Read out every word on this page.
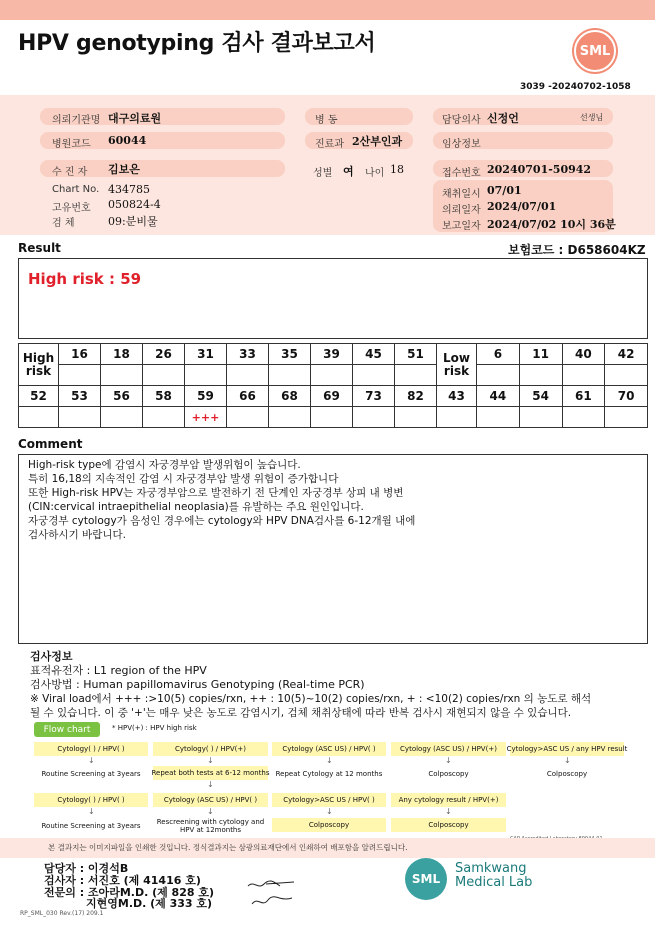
HPV genotyping 검사 결과보고서	SML
3039 -20240702-1058
의뢰기관명 대구의료원
병원코드 60044
수 진 자 김보은
병 동
진료과 2산부인과
성별 여 나이 18
담당의사 신정언	선생님
임상정보
접수번호 20240701-50942
Chart No. 434785
고유번호 050824-4
검 체	09:분비물
채취일시 07/01
의뢰일자 2024/07/01
보고일자 2024/07/02 10시 36분
Result	보험코드 : D658604KZ
High risk : 59
High risk	16	18	26	31	33	35	39	45	51	Low risk	6	11	40	42

52	53	56	58	59	66	68	69	73	82	43	44	54	61	70
				+++										
Comment
High-risk type에 감염시 자궁경부암 발생위험이 높습니다.
특히 16,18의 지속적인 감염 시 자궁경부암 발생 위험이 증가합니다
또한 High-risk HPV는 자궁경부암으로 발전하기 전 단계인 자궁경부 상피 내 병변
(CIN:cervical intraepithelial neoplasia)를 유발하는 주요 원인입니다.
자궁경부 cytology가 음성인 경우에는 cytology와 HPV DNA검사를 6-12개월 내에
검사하시기 바랍니다.
검사정보
표적유전자 : L1 region of the HPV
검사방법 : Human papillomavirus Genotyping (Real-time PCR)
※ Viral load에서 +++ :>10(5) copies/rxn, ++ : 10(5)~10(2) copies/rxn, + : <10(2) copies/rxn 의 농도로 해석
될 수 있습니다. 이 중 '+'는 매우 낮은 농도로 감염시기, 검체 채취상태에 따라 반복 검사시 재현되지 않을 수 있습니다.
Flow chart	* HPV(+) : HPV high risk
Cytology( ) / HPV( )	Cytology( ) / HPV(+)	Cytology (ASC US) / HPV( )	Cytology (ASC US) / HPV(+)	Cytology>ASC US / any HPV result
↓	↓	↓	↓	↓
Routine Screening at 3years	Repeat both tests at 6-12 months Repeat Cytology at 12 months	Colposcopy	Colposcopy
↓
Cytology( ) / HPV( )	Cytology (ASC US) / HPV( )	Cytology>ASC US / HPV( )	Any cytology result / HPV(+)
↓	↓	↓	↓
Routine Screening at 3years	Rescreening with cytology and HPV at 12months
Colposcopy	Colposcopy
본 결과지는 이미지파일을 인쇄한 것입니다. 정식결과지는 삼광의료재단에서 인쇄하여 배포함을 알려드립니다.
담당자 : 이경석B
검사자 : 서진호 (제 41416 호)
전문의 : 조아라M.D. (제 828 호)
지현영M.D. (제 333 호)
SML
Samkwang
Medical Lab
RP_SML_030 Rev.(17) 209.1
